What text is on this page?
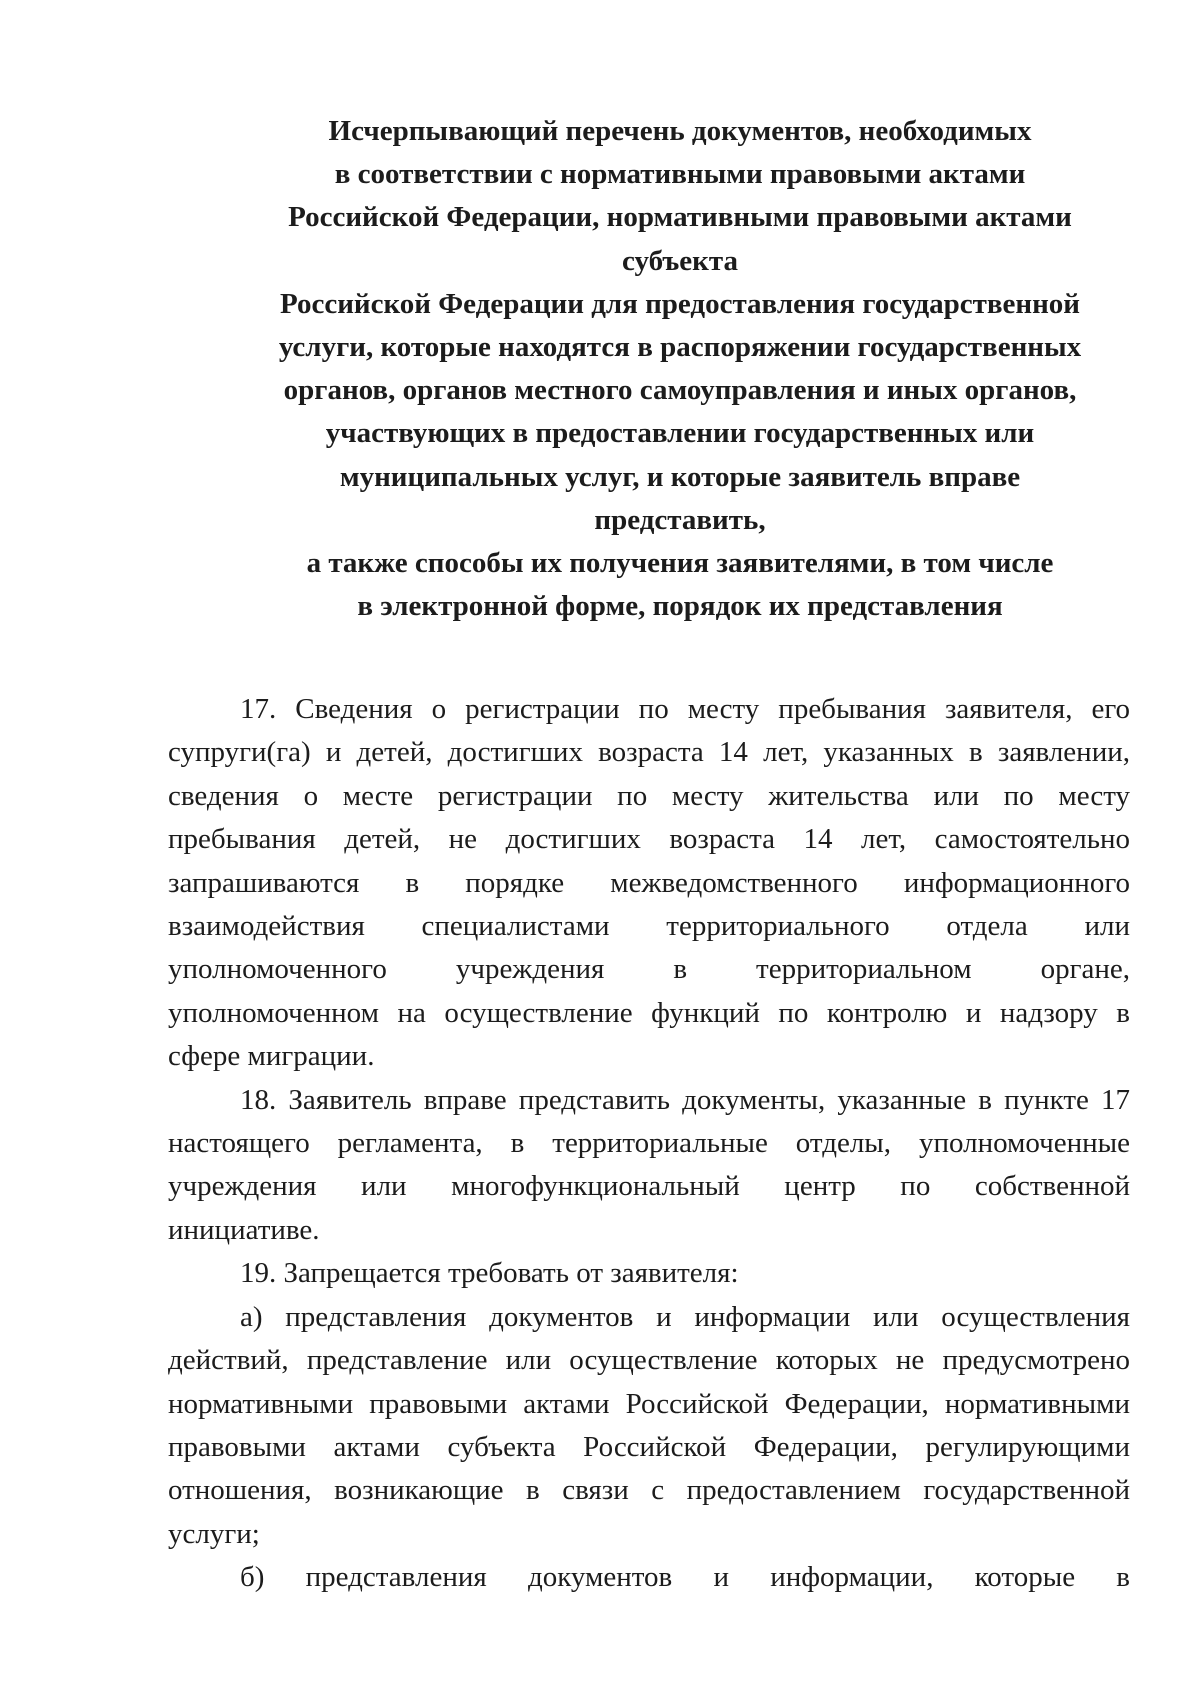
Исчерпывающий перечень документов, необходимых
в соответствии с нормативными правовыми актами
Российской Федерации, нормативными правовыми актами
субъекта
Российской Федерации для предоставления государственной
услуги, которые находятся в распоряжении государственных
органов, органов местного самоуправления и иных органов,
участвующих в предоставлении государственных или
муниципальных услуг, и которые заявитель вправе
представить,
а также способы их получения заявителями, в том числе
в электронной форме, порядок их представления
17. Сведения о регистрации по месту пребывания заявителя, его
супруги(га) и детей, достигших возраста 14 лет, указанных в заявлении,
сведения о месте регистрации по месту жительства или по месту
пребывания детей, не достигших возраста 14 лет, самостоятельно
запрашиваются в порядке межведомственного информационного
взаимодействия специалистами территориального отдела или
уполномоченного учреждения в территориальном органе,
уполномоченном на осуществление функций по контролю и надзору в
сфере миграции.
18. Заявитель вправе представить документы, указанные в пункте 17
настоящего регламента, в территориальные отделы, уполномоченные
учреждения или многофункциональный центр по собственной
инициативе.
19. Запрещается требовать от заявителя:
а) представления документов и информации или осуществления
действий, представление или осуществление которых не предусмотрено
нормативными правовыми актами Российской Федерации, нормативными
правовыми актами субъекта Российской Федерации, регулирующими
отношения, возникающие в связи с предоставлением государственной
услуги;
б) представления документов и информации, которые в
